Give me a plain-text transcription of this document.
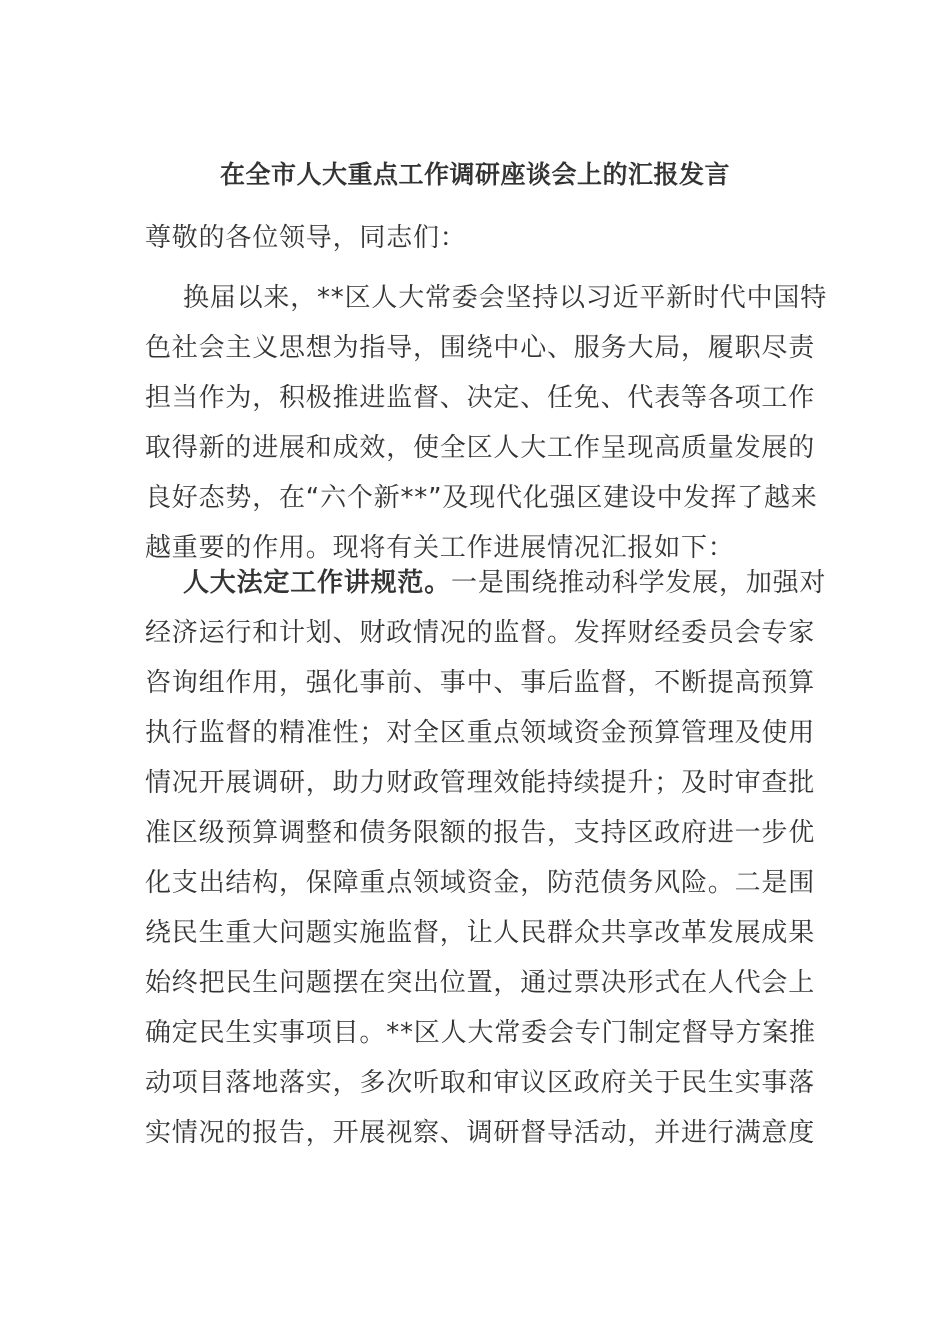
在全市人大重点工作调研座谈会上的汇报发言
尊敬的各位领导，同志们：
换届以来，**区人大常委会坚持以习近平新时代中国特
色社会主义思想为指导，围绕中心、服务大局，履职尽责
担当作为，积极推进监督、决定、任免、代表等各项工作
取得新的进展和成效，使全区人大工作呈现高质量发展的
良好态势，在“六个新**”及现代化强区建设中发挥了越来
越重要的作用。现将有关工作进展情况汇报如下：
人大法定工作讲规范。一是围绕推动科学发展，加强对
经济运行和计划、财政情况的监督。发挥财经委员会专家
咨询组作用，强化事前、事中、事后监督，不断提高预算
执行监督的精准性；对全区重点领域资金预算管理及使用
情况开展调研，助力财政管理效能持续提升；及时审查批
准区级预算调整和债务限额的报告，支持区政府进一步优
化支出结构，保障重点领域资金，防范债务风险。二是围
绕民生重大问题实施监督，让人民群众共享改革发展成果
始终把民生问题摆在突出位置，通过票决形式在人代会上
确定民生实事项目。**区人大常委会专门制定督导方案推
动项目落地落实，多次听取和审议区政府关于民生实事落
实情况的报告，开展视察、调研督导活动，并进行满意度
